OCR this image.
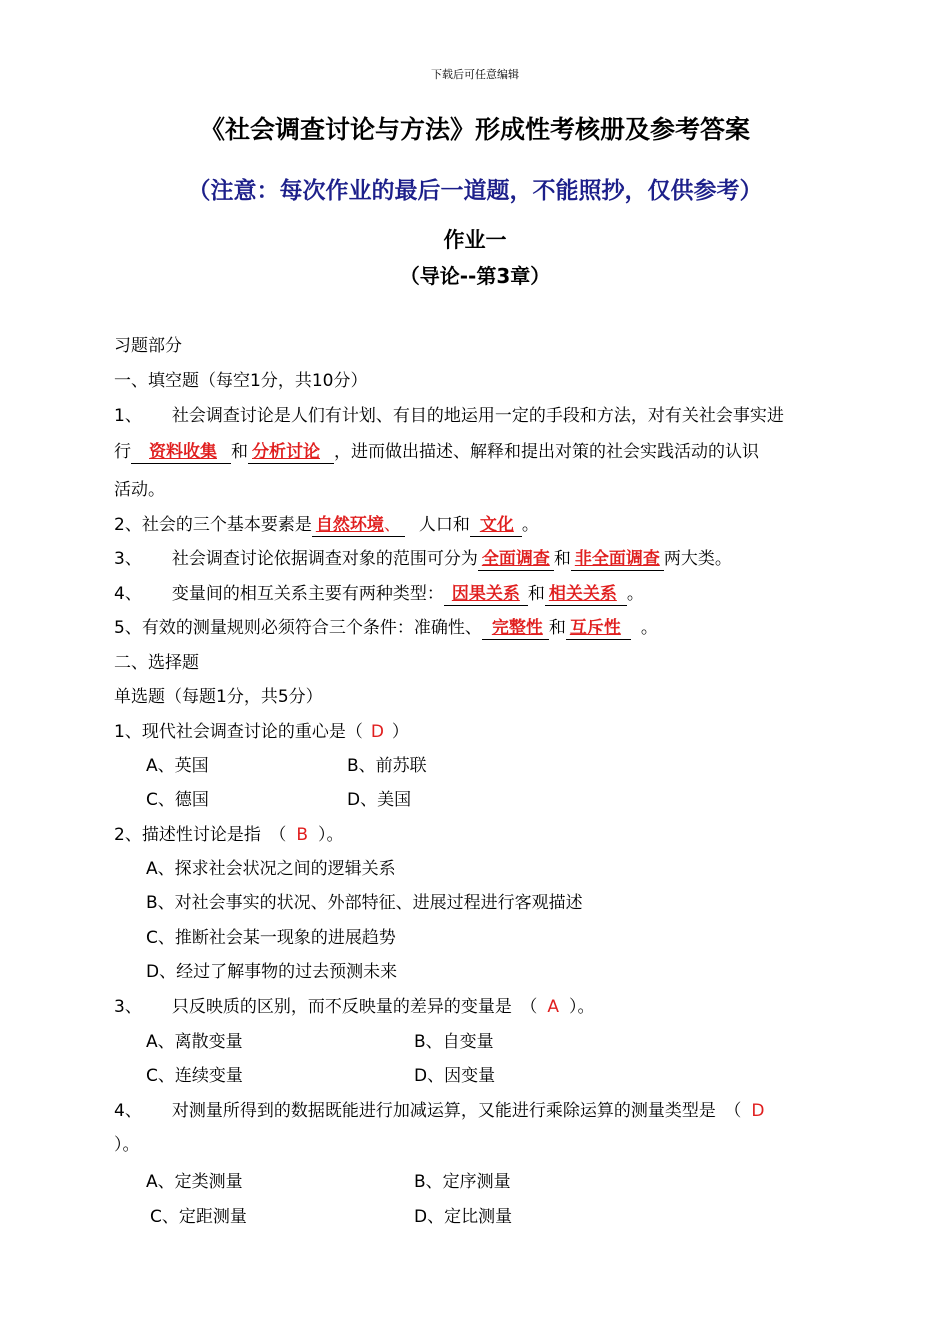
下载后可任意编辑
《社会调查讨论与方法》形成性考核册及参考答案
（注意：每次作业的最后一道题，不能照抄，仅供参考）
作业一
（导论--第3章）
习题部分
一、填空题（每空1分，共10分）
1、 社会调查讨论是人们有计划、有目的地运用一定的手段和方法，对有关社会事实进
行 资料收集 和 分析讨论 ，进而做出描述、解释和提出对策的社会实践活动的认识
活动。
2、社会的三个基本要素是 自然环境、 人口和 文化 。
3、 社会调查讨论依据调查对象的范围可分为 全面调查 和 非全面调查 两大类。
4、 变量间的相互关系主要有两种类型： 因果关系 和 相关关系 。
5、有效的测量规则必须符合三个条件：准确性、 完整性 和 互斥性 。
二、选择题
单选题（每题1分，共5分）
1、现代社会调查讨论的重心是（ D ）
A、英国	B、前苏联
C、德国	D、美国
2、描述性讨论是指　（ B ）。
A、探求社会状况之间的逻辑关系
B、对社会事实的状况、外部特征、进展过程进行客观描述
C、推断社会某一现象的进展趋势
D、经过了解事物的过去预测未来
3、 只反映质的区别，而不反映量的差异的变量是　（ A ）。
A、离散变量	B、自变量
C、连续变量	D、因变量
4、 对测量所得到的数据既能进行加减运算，又能进行乘除运算的测量类型是　（ D
）。
A、定类测量	B、定序测量
C、定距测量	D、定比测量
